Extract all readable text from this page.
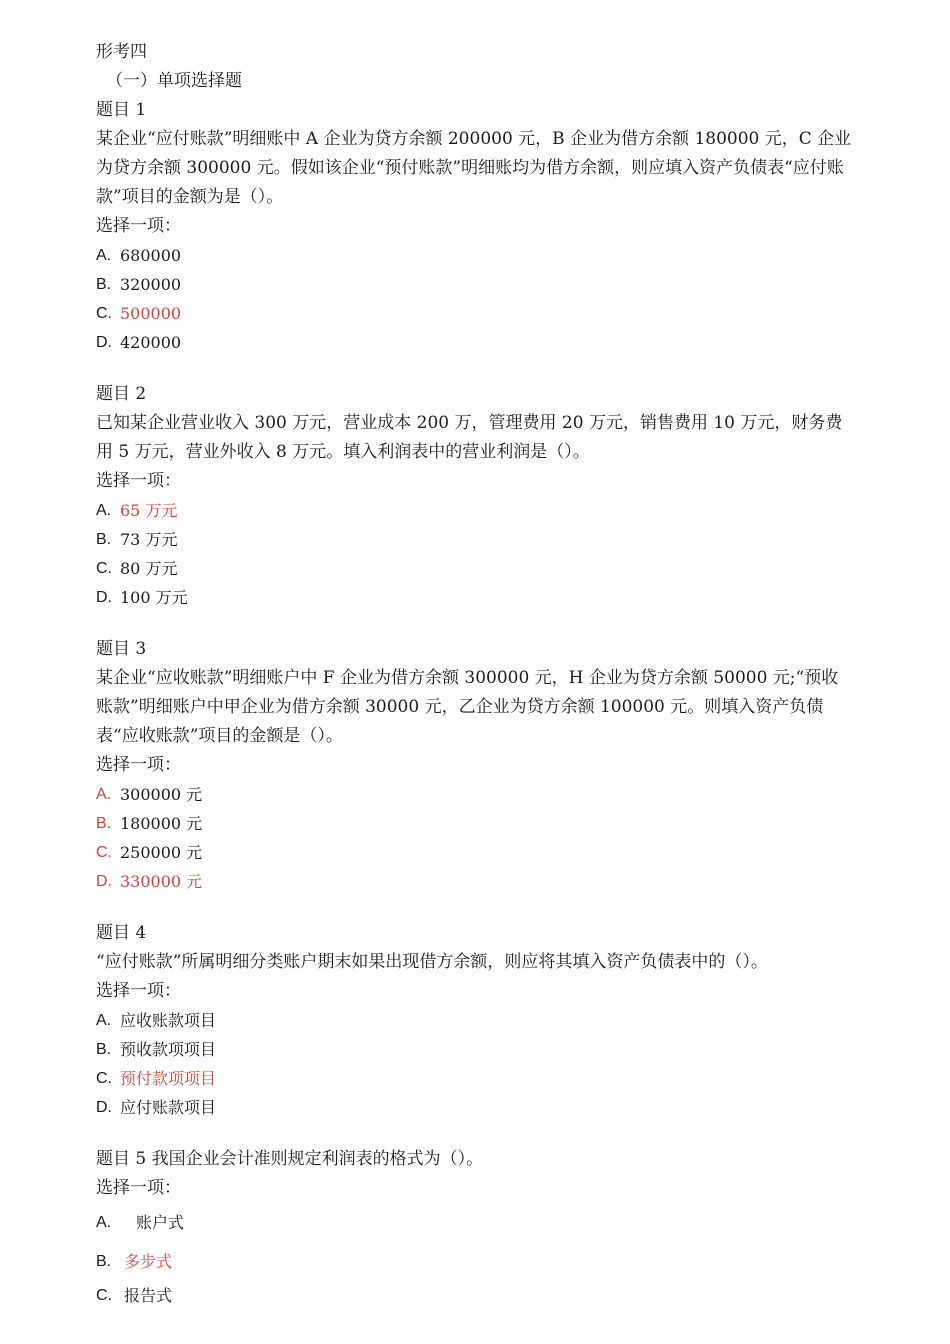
形考四
（一）单项选择题
题目 1
某企业“应付账款”明细账中 A 企业为贷方余额 200000 元，B 企业为借方余额 180000 元，C 企业为贷方余额 300000 元。假如该企业“预付账款”明细账均为借方余额，则应填入资产负债表“应付账款”项目的金额为是（）。
选择一项：
A. 680000
B. 320000
C. 500000
D. 420000
题目 2
已知某企业营业收入 300 万元，营业成本 200 万，管理费用 20 万元，销售费用 10 万元，财务费用 5 万元，营业外收入 8 万元。填入利润表中的营业利润是（）。
选择一项：
A. 65 万元
B. 73 万元
C. 80 万元
D. 100 万元
题目 3
某企业“应收账款”明细账户中 F 企业为借方余额 300000 元，H 企业为贷方余额 50000 元;“预收账款”明细账户中甲企业为借方余额 30000 元，乙企业为贷方余额 100000 元。则填入资产负债表“应收账款”项目的金额是（）。
选择一项：
A. 300000 元
B. 180000 元
C. 250000 元
D. 330000 元
题目 4
“应付账款”所属明细分类账户期末如果出现借方余额，则应将其填入资产负债表中的（）。
选择一项：
A. 应收账款项目
B. 预收款项项目
C. 预付款项项目
D. 应付账款项目
题目 5 我国企业会计准则规定利润表的格式为（）。
选择一项：
A.	账户式
B. 多步式
C. 报告式
